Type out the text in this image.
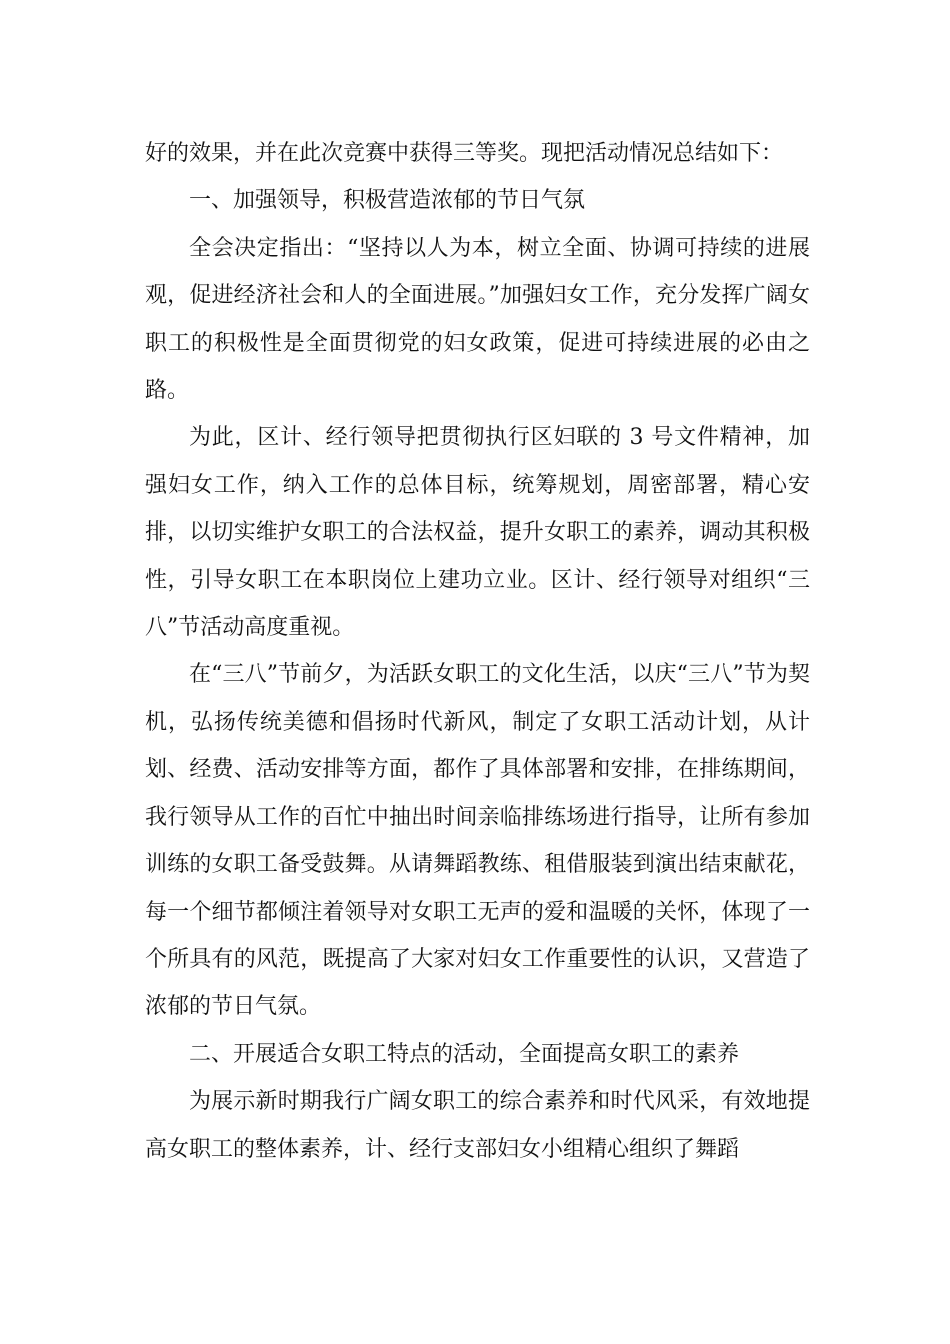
好的效果，并在此次竞赛中获得三等奖。现把活动情况总结如下：

一、加强领导，积极营造浓郁的节日气氛

全会决定指出：“坚持以人为本，树立全面、协调可持续的进展观，促进经济社会和人的全面进展。”加强妇女工作，充分发挥广阔女职工的积极性是全面贯彻党的妇女政策，促进可持续进展的必由之路。

为此，区计、经行领导把贯彻执行区妇联的 3 号文件精神，加强妇女工作，纳入工作的总体目标，统筹规划，周密部署，精心安排，以切实维护女职工的合法权益，提升女职工的素养，调动其积极性，引导女职工在本职岗位上建功立业。区计、经行领导对组织“三八”节活动高度重视。

在“三八”节前夕，为活跃女职工的文化生活，以庆“三八”节为契机，弘扬传统美德和倡扬时代新风，制定了女职工活动计划，从计划、经费、活动安排等方面，都作了具体部署和安排，在排练期间，我行领导从工作的百忙中抽出时间亲临排练场进行指导，让所有参加训练的女职工备受鼓舞。从请舞蹈教练、租借服装到演出结束献花，每一个细节都倾注着领导对女职工无声的爱和温暖的关怀，体现了一个所具有的风范，既提高了大家对妇女工作重要性的认识，又营造了浓郁的节日气氛。

二、开展适合女职工特点的活动，全面提高女职工的素养

为展示新时期我行广阔女职工的综合素养和时代风采，有效地提高女职工的整体素养，计、经行支部妇女小组精心组织了舞蹈
